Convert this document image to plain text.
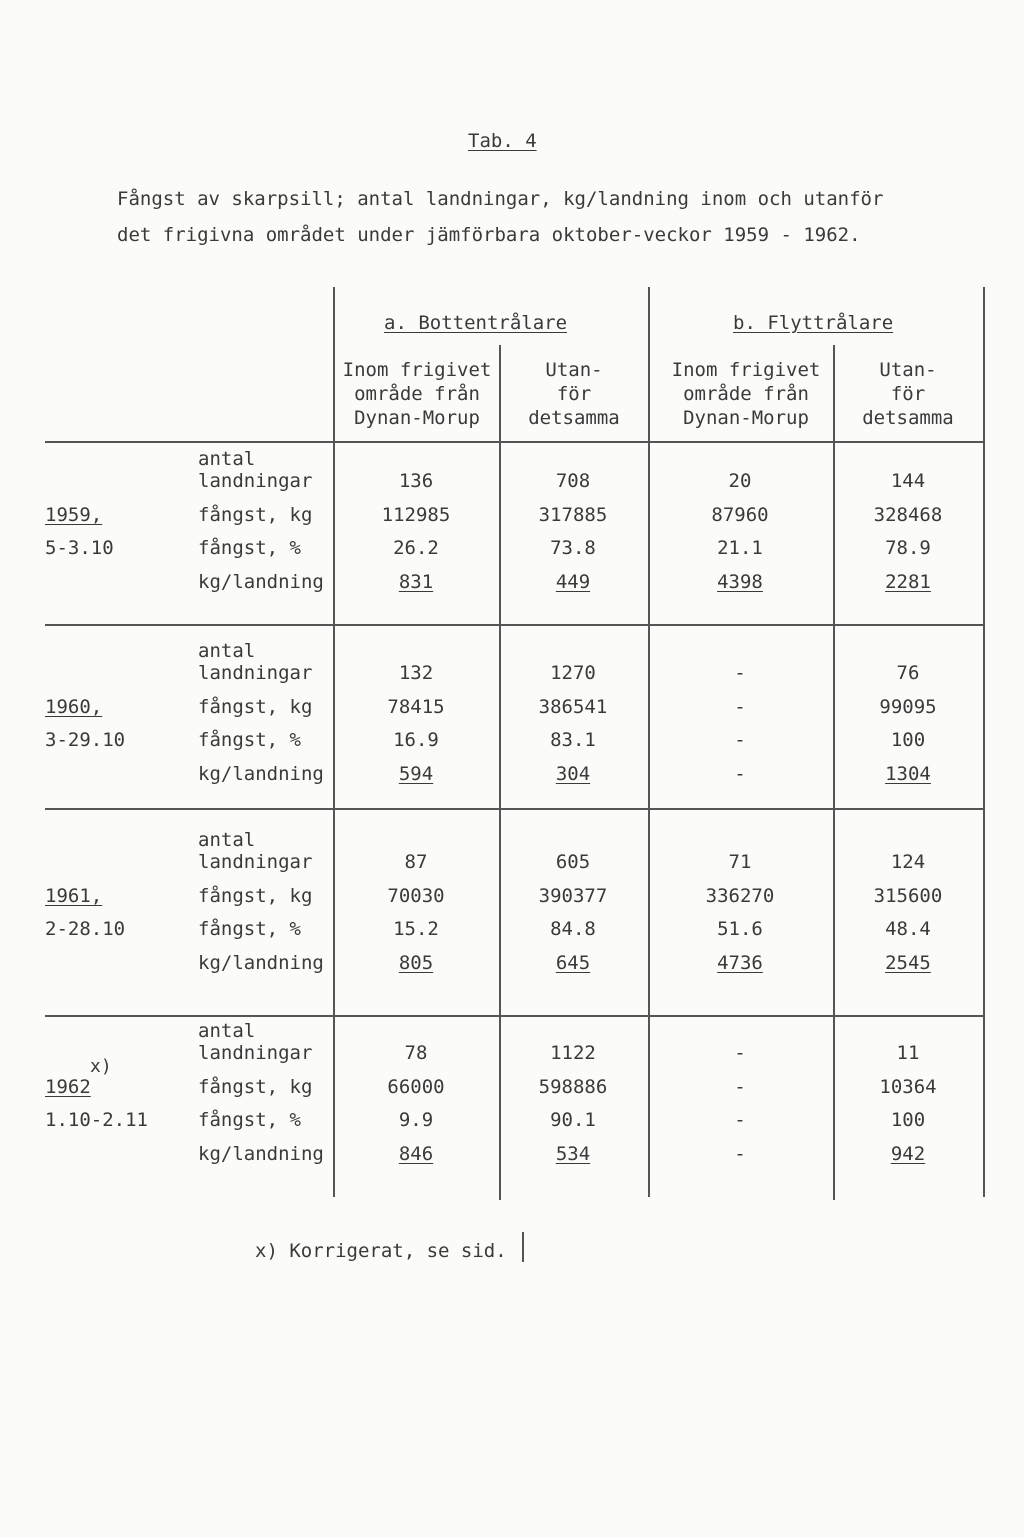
Tab. 4
Fångst av skarpsill; antal landningar, kg/landning inom och utanför
det frigivna området under jämförbara oktober-veckor 1959 - 1962.
a. Bottentrålare	b. Flyttrålare
Inom frigivet
område från
Dynan-Morup
Utan-
för
detsamma
Inom frigivet
område från
Dynan-Morup
Utan-
för
detsamma
antal
landningar
fångst, kg
fångst, %
kg/landning
1959,
5-3.10
136
112985
26.2
831
708
317885
73.8
449
20
87960
21.1
4398
144
328468
78.9
2281
antal
landningar
fångst, kg
fångst, %
kg/landning
1960,
3-29.10
132
78415
16.9
594
1270
386541
83.1
304
-
-
-
-
76
99095
100
1304
antal
landningar
fångst, kg
fångst, %
kg/landning
1961,
2-28.10
87
70030
15.2
805
605
390377
84.8
645
71
336270
51.6
4736
124
315600
48.4
2545
antal
landningar
fångst, kg
fångst, %
kg/landning
x)
1962
1.10-2.11
78
66000
9.9
846
1122
598886
90.1
534
-
-
-
-
11
10364
100
942
x) Korrigerat, se sid.
